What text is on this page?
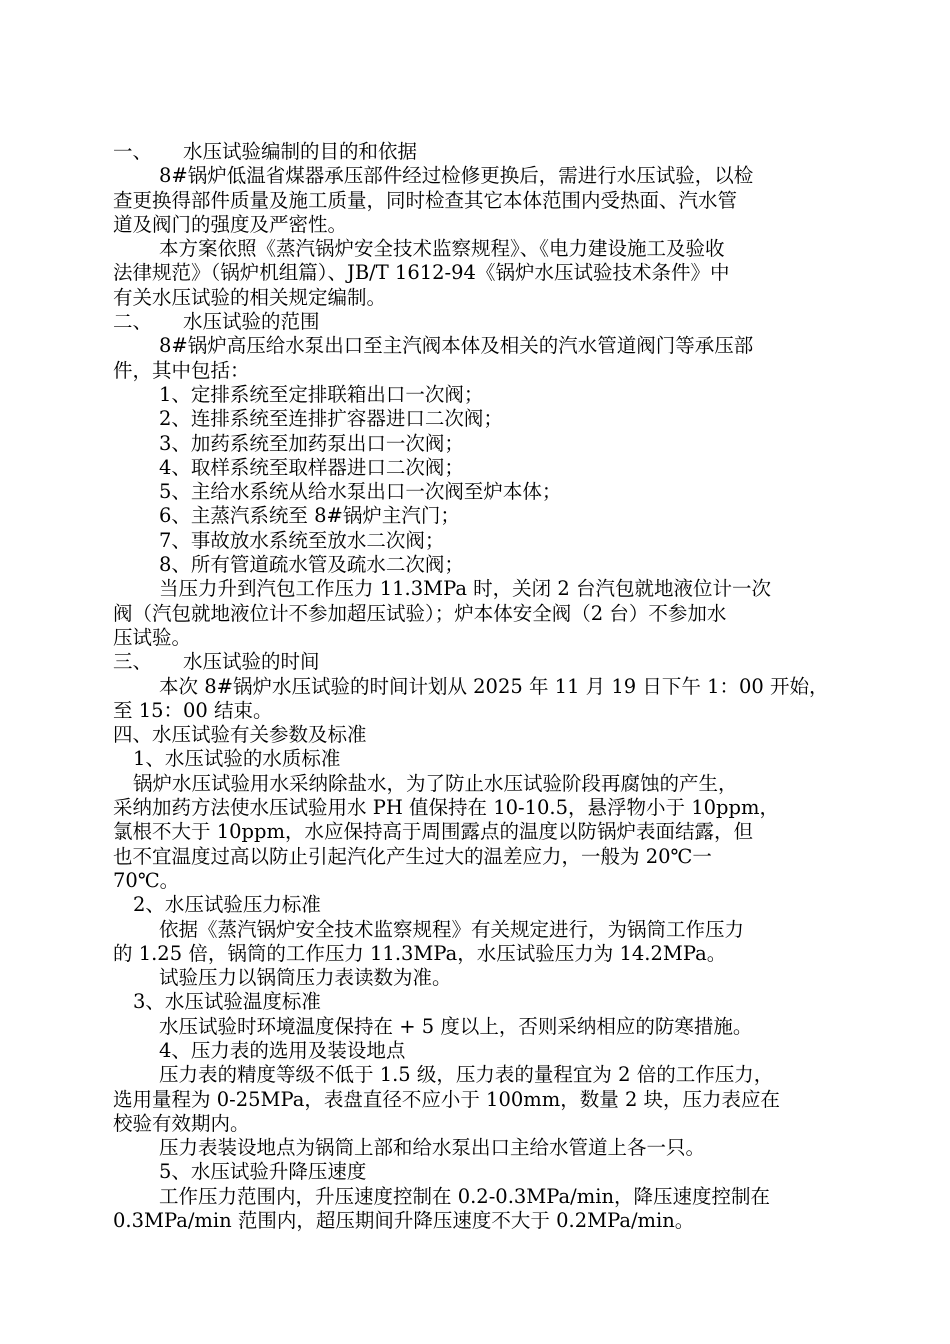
一、 水压试验编制的目的和依据
8#锅炉低温省煤器承压部件经过检修更换后，需进行水压试验，以检
查更换得部件质量及施工质量，同时检查其它本体范围内受热面、汽水管
道及阀门的强度及严密性。
本方案依照《蒸汽锅炉安全技术监察规程》、《电力建设施工及验收
法律规范》（锅炉机组篇）、JB/T 1612-94《锅炉水压试验技术条件》中
有关水压试验的相关规定编制。
二、 水压试验的范围
8#锅炉高压给水泵出口至主汽阀本体及相关的汽水管道阀门等承压部
件，其中包括：
1、定排系统至定排联箱出口一次阀；
2、连排系统至连排扩容器进口二次阀；
3、加药系统至加药泵出口一次阀；
4、取样系统至取样器进口二次阀；
5、主给水系统从给水泵出口一次阀至炉本体；
6、主蒸汽系统至 8#锅炉主汽门；
7、事故放水系统至放水二次阀；
8、所有管道疏水管及疏水二次阀；
当压力升到汽包工作压力 11.3MPa 时，关闭 2 台汽包就地液位计一次
阀（汽包就地液位计不参加超压试验）；炉本体安全阀（2 台）不参加水
压试验。
三、 水压试验的时间
本次 8#锅炉水压试验的时间计划从 2025 年 11 月 19 日下午 1：00 开始，
至 15：00 结束。
四、水压试验有关参数及标准
1、水压试验的水质标准
锅炉水压试验用水采纳除盐水，为了防止水压试验阶段再腐蚀的产生，
采纳加药方法使水压试验用水 PH 值保持在 10-10.5，悬浮物小于 10ppm，
氯根不大于 10ppm，水应保持高于周围露点的温度以防锅炉表面结露，但
也不宜温度过高以防止引起汽化产生过大的温差应力，一般为 20℃一
70℃。
2、水压试验压力标准
依据《蒸汽锅炉安全技术监察规程》有关规定进行，为锅筒工作压力
的 1.25 倍，锅筒的工作压力 11.3MPa，水压试验压力为 14.2MPa。
试验压力以锅筒压力表读数为准。
3、水压试验温度标准
水压试验时环境温度保持在 + 5 度以上，否则采纳相应的防寒措施。
4、压力表的选用及装设地点
压力表的精度等级不低于 1.5 级，压力表的量程宜为 2 倍的工作压力，
选用量程为 0-25MPa，表盘直径不应小于 100mm，数量 2 块，压力表应在
校验有效期内。
压力表装设地点为锅筒上部和给水泵出口主给水管道上各一只。
5、水压试验升降压速度
工作压力范围内，升压速度控制在 0.2-0.3MPa/min，降压速度控制在
0.3MPa/min 范围内，超压期间升降压速度不大于 0.2MPa/min。
